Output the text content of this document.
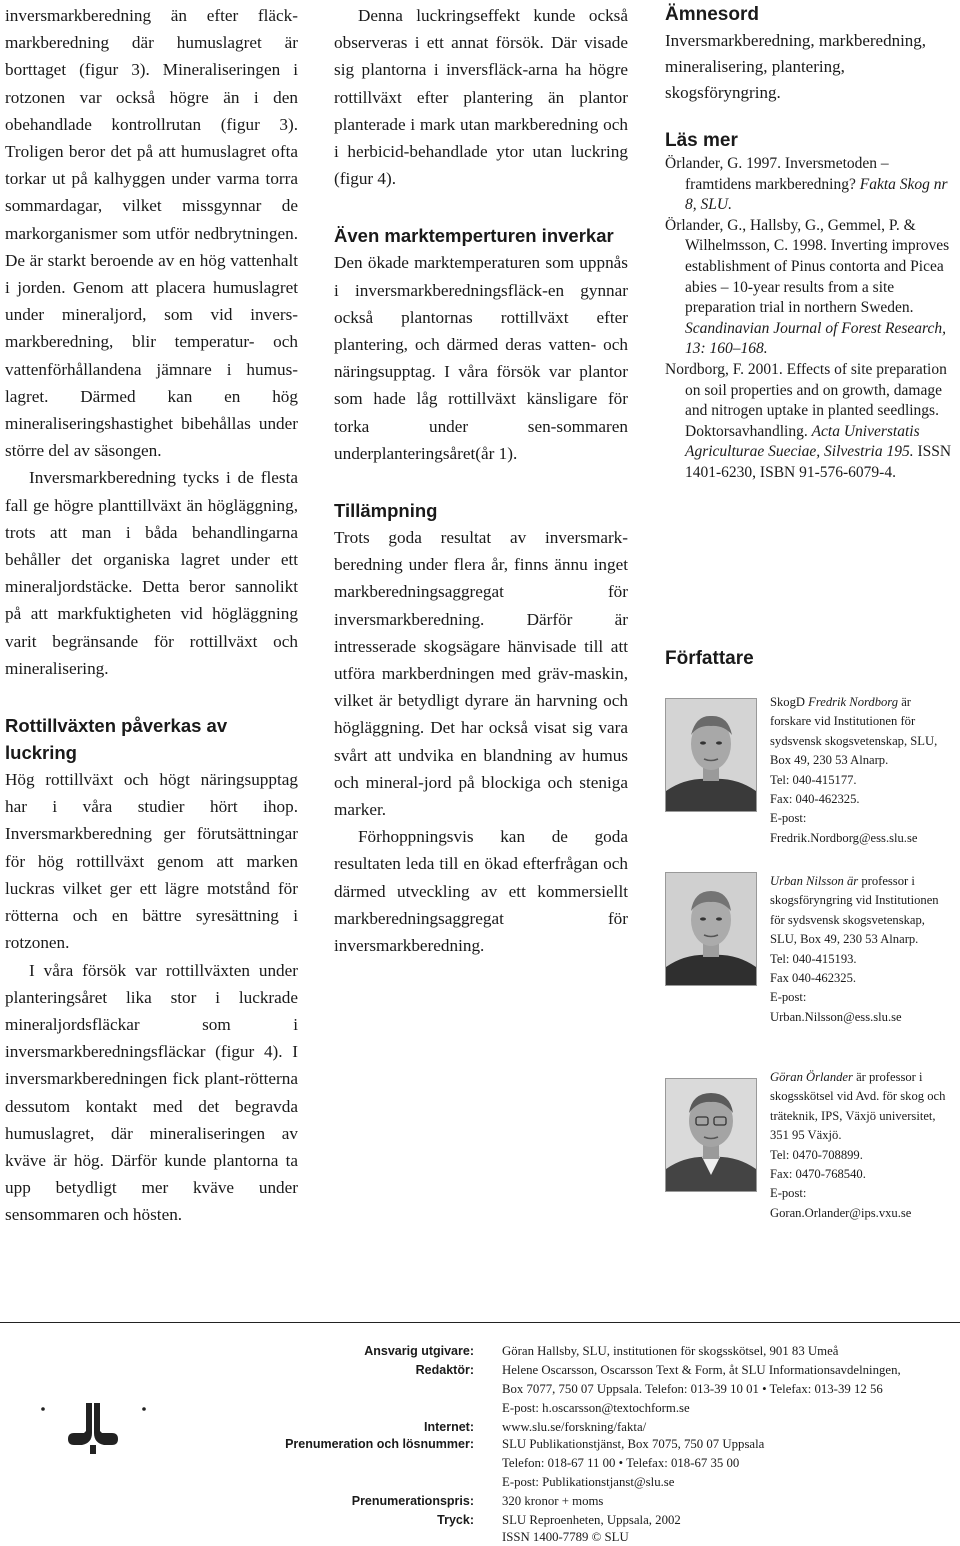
inversmarkberedning än efter fläck-markberedning där humuslagret är borttaget (figur 3). Mineraliseringen i rotzonen var också högre än i den obehandlade kontrollrutan (figur 3). Troligen beror det på att humuslagret ofta torkar ut på kalhyggen under varma torra sommardagar, vilket missgynnar de markorganismer som utför nedbrytningen. De är starkt beroende av en hög vattenhalt i jorden. Genom att placera humuslagret under mineraljord, som vid invers-markberedning, blir temperatur- och vattenförhållandena jämnare i humus-lagret. Därmed kan en hög mineraliseringshastighet bibehållas under större del av säsongen.

Inversmarkberedning tycks i de flesta fall ge högre planttillväxt än högläggning, trots att man i båda behandlingarna behåller det organiska lagret under ett mineraljordstäcke. Detta beror sannolikt på att markfuktigheten vid högläggning varit begränsande för rottillväxt och mineralisering.

Rottillväxten påverkas av luckring

Hög rottillväxt och högt näringsupptag har i våra studier hört ihop. Inversmarkberedning ger förutsättningar för hög rottillväxt genom att marken luckras vilket ger ett lägre motstånd för rötterna och en bättre syresättning i rotzonen.

I våra försök var rottillväxten under planteringsåret lika stor i luckrade mineraljordsfläckar som i inversmarkberedningsfläckar (figur 4). I inversmarkberedningen fick plant-rötterna dessutom kontakt med det begravda humuslagret, där mineraliseringen av kväve är hög. Därför kunde plantorna ta upp betydligt mer kväve under sensommaren och hösten.

Denna luckringseffekt kunde också observeras i ett annat försök. Där visade sig plantorna i inversfläck-arna ha högre rottillväxt efter plantering än plantor planterade i mark utan markberedning och i herbicid-behandlade ytor utan luckring (figur 4).

Även marktemperturen inverkar

Den ökade marktemperaturen som uppnås i inversmarkberedningsfläck-en gynnar också plantornas rottillväxt efter plantering, och därmed deras vatten- och näringsupptag. I våra försök var plantor som hade låg rottillväxt känsligare för torka under sen-sommaren underplanteringsåret(år 1).

Tillämpning

Trots goda resultat av inversmark-beredning under flera år, finns ännu inget markberedningsaggregat för inversmarkberedning. Därför är intresserade skogsägare hänvisade till att utföra markberdningen med gräv-maskin, vilket är betydligt dyrare än harvning och högläggning. Det har också visat sig vara svårt att undvika en blandning av humus och mineral-jord på blockiga och steniga marker.

Förhoppningsvis kan de goda resultaten leda till en ökad efterfrågan och därmed utveckling av ett kommersiellt markberedningsaggregat för inversmarkberedning.

Ämnesord

Inversmarkberedning, markberedning, mineralisering, plantering, skogsföryngring.

Läs mer
Örlander, G. 1997. Inversmetoden – framtidens markberedning? Fakta Skog nr 8, SLU.
Örlander, G., Hallsby, G., Gemmel, P. & Wilhelmsson, C. 1998. Inverting improves establishment of Pinus contorta and Picea abies – 10-year results from a site preparation trial in northern Sweden. Scandinavian Journal of Forest Research, 13: 160–168.
Nordborg, F. 2001. Effects of site preparation on soil properties and on growth, damage and nitrogen uptake in planted seedlings. Doktorsavhandling. Acta Universtatis Agriculturae Sueciae, Silvestria 195. ISSN 1401-6230, ISBN 91-576-6079-4.
Författare

SkogD Fredrik Nordborg är forskare vid Institutionen för sydsvensk skogsvetenskap, SLU, Box 49, 230 53 Alnarp.
Tel: 040-415177.
Fax: 040-462325.
E-post:
Fredrik.Nordborg@ess.slu.se

Urban Nilsson är professor i skogsföryngring vid Institutionen för sydsvensk skogsvetenskap, SLU, Box 49, 230 53 Alnarp.
Tel: 040-415193.
Fax 040-462325.
E-post:
Urban.Nilsson@ess.slu.se

Göran Örlander är professor i skogsskötsel vid Avd. för skog och träteknik, IPS, Växjö universitet, 351 95 Växjö.
Tel: 0470-708899.
Fax: 0470-768540.
E-post:
Goran.Orlander@ips.vxu.se

Ansvarig utgivare: Göran Hallsby, SLU, institutionen för skogsskötsel, 901 83 Umeå
Redaktör: Helene Oscarsson, Oscarsson Text & Form, åt SLU Informationsavdelningen,
Box 7077, 750 07 Uppsala. Telefon: 013-39 10 01 • Telefax: 013-39 12 56
E-post: h.oscarsson@textochform.se
Internet: www.slu.se/forskning/fakta/
Prenumeration och lösnummer: SLU Publikationstjänst, Box 7075, 750 07 Uppsala
Telefon: 018-67 11 00 • Telefax: 018-67 35 00
E-post: Publikationstjanst@slu.se
Prenumerationspris: 320 kronor + moms
Tryck: SLU Reproenheten, Uppsala, 2002
ISSN 1400-7789 © SLU
